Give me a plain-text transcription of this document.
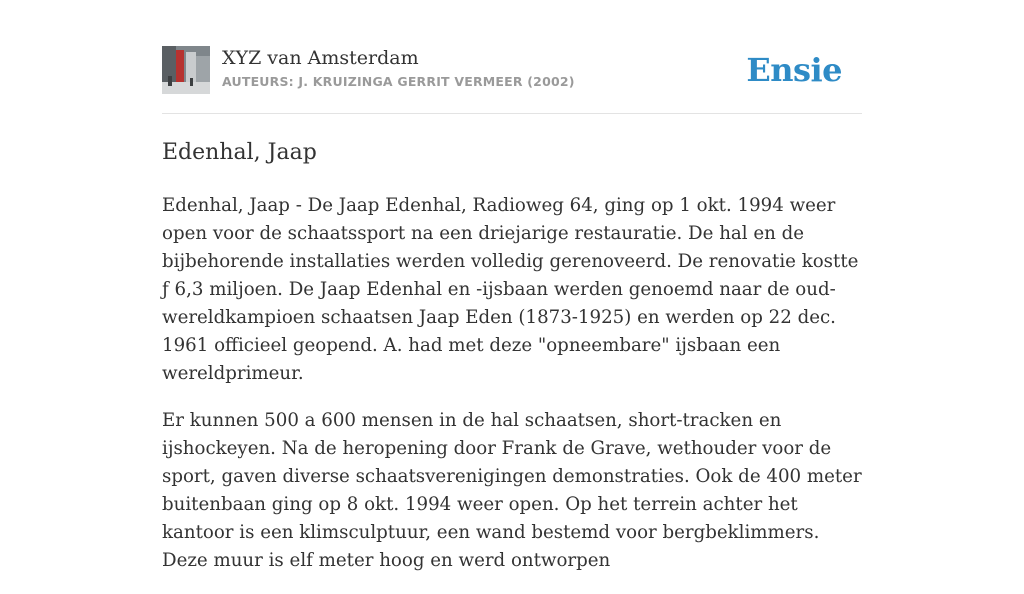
XYZ van Amsterdam
AUTEURS: J. KRUIZINGA GERRIT VERMEER (2002)	Ensie
Edenhal, Jaap

Edenhal, Jaap - De Jaap Edenhal, Radioweg 64, ging op 1 okt. 1994 weer open voor de schaatssport na een driejarige restauratie. De hal en de bijbehorende installaties werden volledig gerenoveerd. De renovatie kostte ƒ 6,3 miljoen. De Jaap Edenhal en -ijsbaan werden genoemd naar de oud-wereldkampioen schaatsen Jaap Eden (1873-1925) en werden op 22 dec. 1961 officieel geopend. A. had met deze "opneembare" ijsbaan een wereldprimeur.

Er kunnen 500 a 600 mensen in de hal schaatsen, short-tracken en ijshockeyen. Na de heropening door Frank de Grave, wethouder voor de sport, gaven diverse schaatsverenigingen demonstraties. Ook de 400 meter buitenbaan ging op 8 okt. 1994 weer open. Op het terrein achter het kantoor is een klimsculptuur, een wand bestemd voor bergbeklimmers. Deze muur is elf meter hoog en werd ontworpen
